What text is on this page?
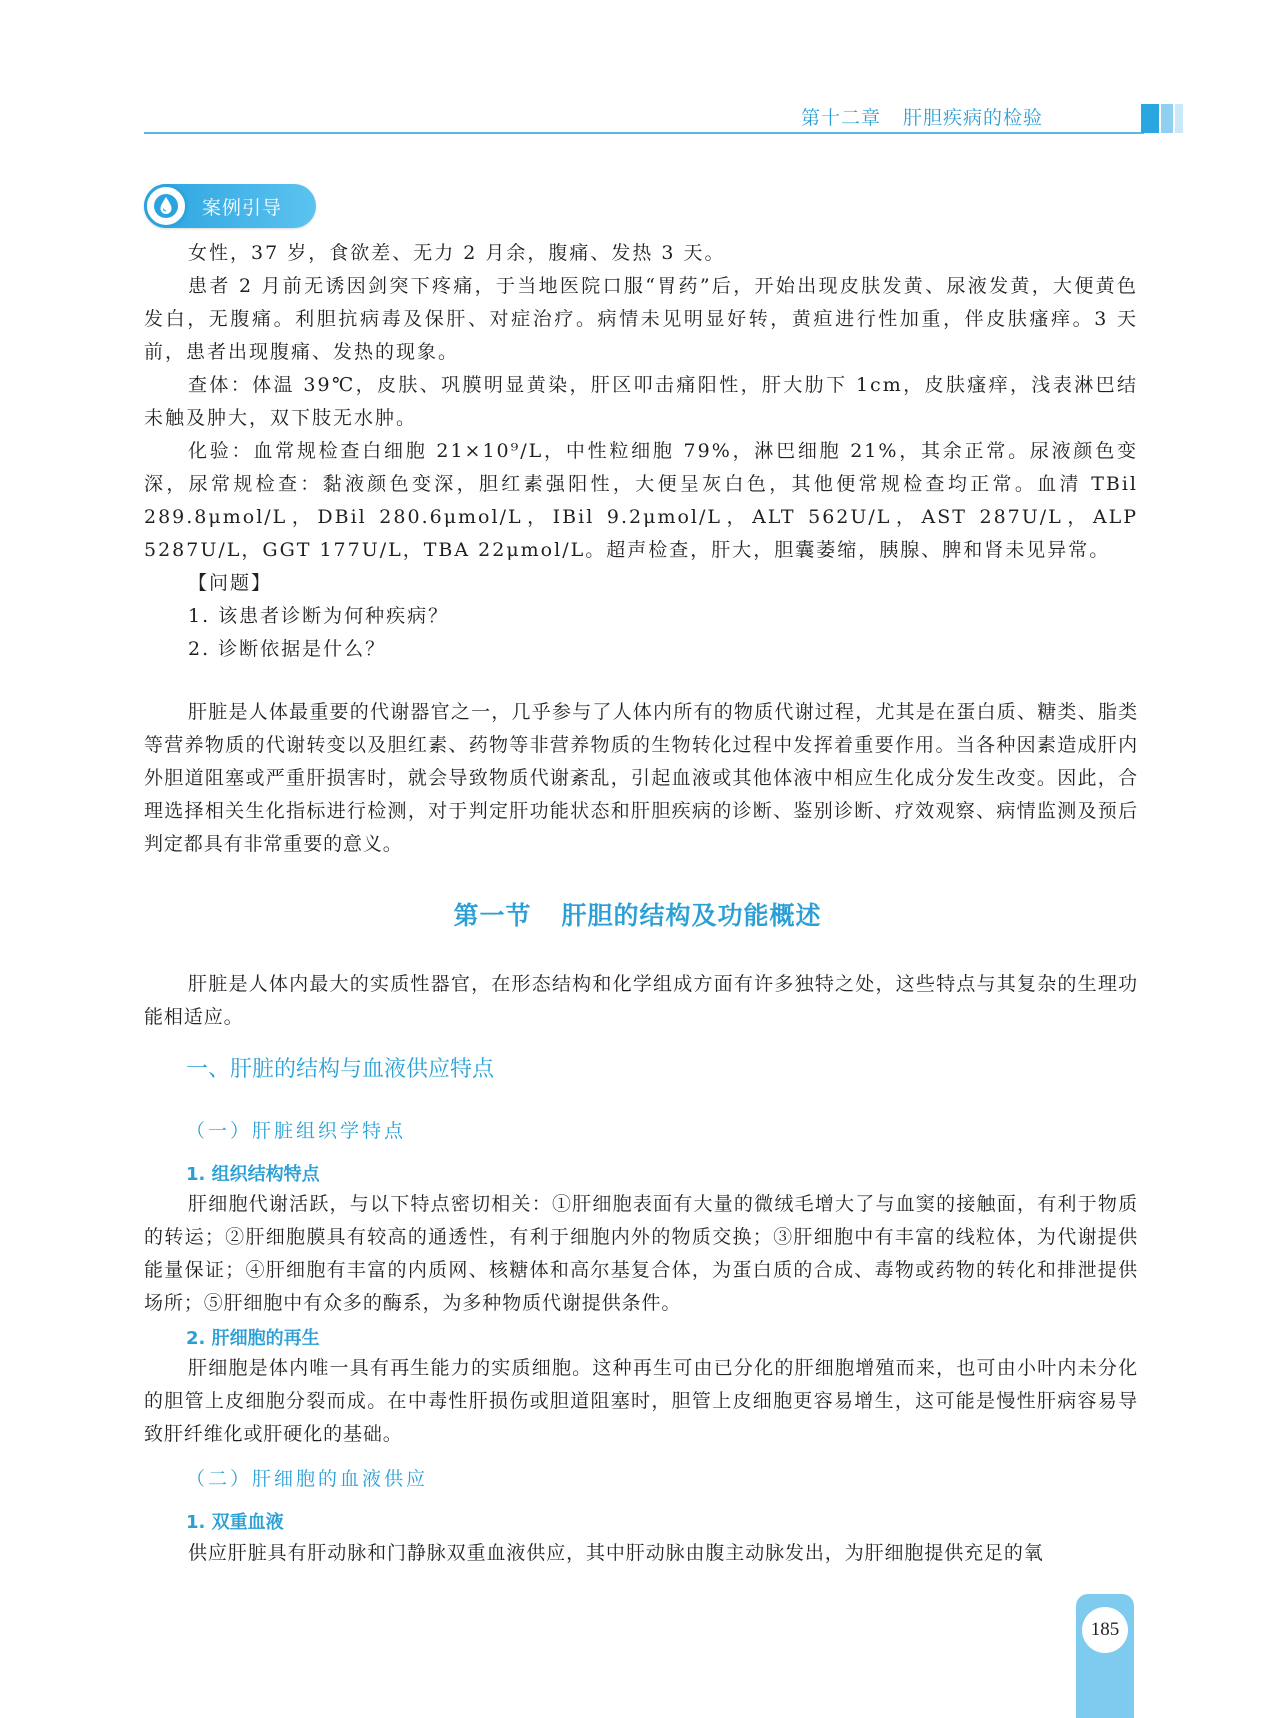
第十二章 肝胆疾病的检验
案例引导

女性，37 岁，食欲差、无力 2 月余，腹痛、发热 3 天。

患者 2 月前无诱因剑突下疼痛，于当地医院口服“胃药”后，开始出现皮肤发黄、尿液发黄，大便黄色发白，无腹痛。利胆抗病毒及保肝、对症治疗。病情未见明显好转，黄疸进行性加重，伴皮肤瘙痒。3 天前，患者出现腹痛、发热的现象。

查体：体温 39℃，皮肤、巩膜明显黄染，肝区叩击痛阳性，肝大肋下 1cm，皮肤瘙痒，浅表淋巴结未触及肿大，双下肢无水肿。

化验：血常规检查白细胞 21×10⁹/L，中性粒细胞 79%，淋巴细胞 21%，其余正常。尿液颜色变深，尿常规检查：黏液颜色变深，胆红素强阳性，大便呈灰白色，其他便常规检查均正常。血清 TBil 289.8μmol/L，DBil 280.6μmol/L，IBil 9.2μmol/L，ALT 562U/L，AST 287U/L，ALP 5287U/L，GGT 177U/L，TBA 22μmol/L。超声检查，肝大，胆囊萎缩，胰腺、脾和肾未见异常。

【问题】

1. 该患者诊断为何种疾病？

2. 诊断依据是什么？

肝脏是人体最重要的代谢器官之一，几乎参与了人体内所有的物质代谢过程，尤其是在蛋白质、糖类、脂类等营养物质的代谢转变以及胆红素、药物等非营养物质的生物转化过程中发挥着重要作用。当各种因素造成肝内外胆道阻塞或严重肝损害时，就会导致物质代谢紊乱，引起血液或其他体液中相应生化成分发生改变。因此，合理选择相关生化指标进行检测，对于判定肝功能状态和肝胆疾病的诊断、鉴别诊断、疗效观察、病情监测及预后判定都具有非常重要的意义。

第一节 肝胆的结构及功能概述

肝脏是人体内最大的实质性器官，在形态结构和化学组成方面有许多独特之处，这些特点与其复杂的生理功能相适应。

一、肝脏的结构与血液供应特点
（一）肝脏组织学特点
1. 组织结构特点

肝细胞代谢活跃，与以下特点密切相关：①肝细胞表面有大量的微绒毛增大了与血窦的接触面，有利于物质的转运；②肝细胞膜具有较高的通透性，有利于细胞内外的物质交换；③肝细胞中有丰富的线粒体，为代谢提供能量保证；④肝细胞有丰富的内质网、核糖体和高尔基复合体，为蛋白质的合成、毒物或药物的转化和排泄提供场所；⑤肝细胞中有众多的酶系，为多种物质代谢提供条件。

2. 肝细胞的再生

肝细胞是体内唯一具有再生能力的实质细胞。这种再生可由已分化的肝细胞增殖而来，也可由小叶内未分化的胆管上皮细胞分裂而成。在中毒性肝损伤或胆道阻塞时，胆管上皮细胞更容易增生，这可能是慢性肝病容易导致肝纤维化或肝硬化的基础。

（二）肝细胞的血液供应
1. 双重血液

供应肝脏具有肝动脉和门静脉双重血液供应，其中肝动脉由腹主动脉发出，为肝细胞提供充足的氧

185
